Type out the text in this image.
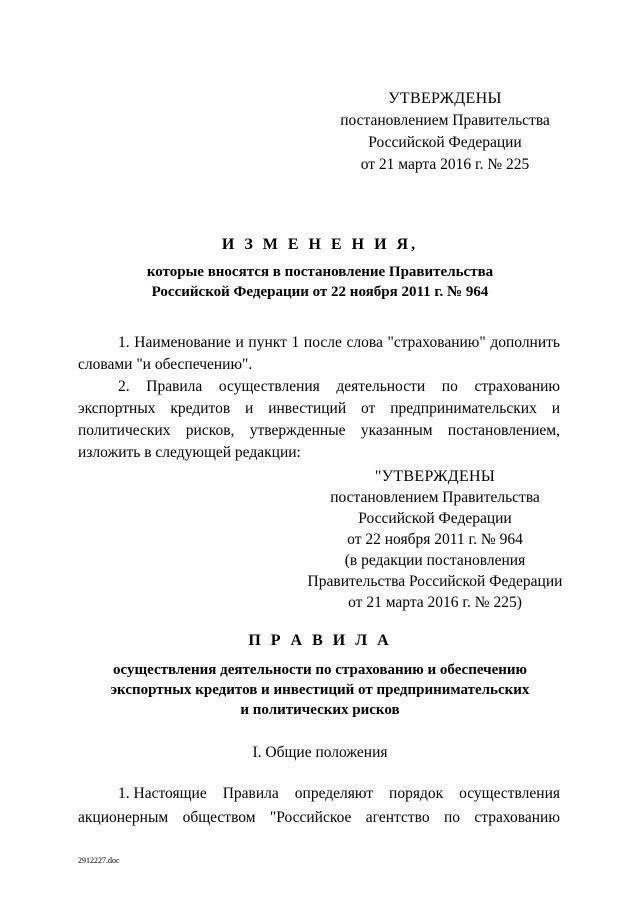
УТВЕРЖДЕНЫ
постановлением Правительства
Российской Федерации
от 21 марта 2016 г. № 225
И З М Е Н Е Н И Я,
которые вносятся в постановление Правительства
Российской Федерации от 22 ноября 2011 г. № 964
1. Наименование и пункт 1 после слова "страхованию" дополнить словами "и обеспечению".
2. Правила осуществления деятельности по страхованию экспортных кредитов и инвестиций от предпринимательских и политических рисков, утвержденные указанным постановлением, изложить в следующей редакции:
"УТВЕРЖДЕНЫ
постановлением Правительства
Российской Федерации
от 22 ноября 2011 г. № 964
(в редакции постановления
Правительства Российской Федерации
от 21 марта 2016 г. № 225)
П Р А В И Л А
осуществления деятельности по страхованию и обеспечению
экспортных кредитов и инвестиций от предпринимательских
и политических рисков
I. Общие положения
1. Настоящие Правила определяют порядок осуществления
акционерным обществом "Российское агентство по страхованию
2912227.doc
